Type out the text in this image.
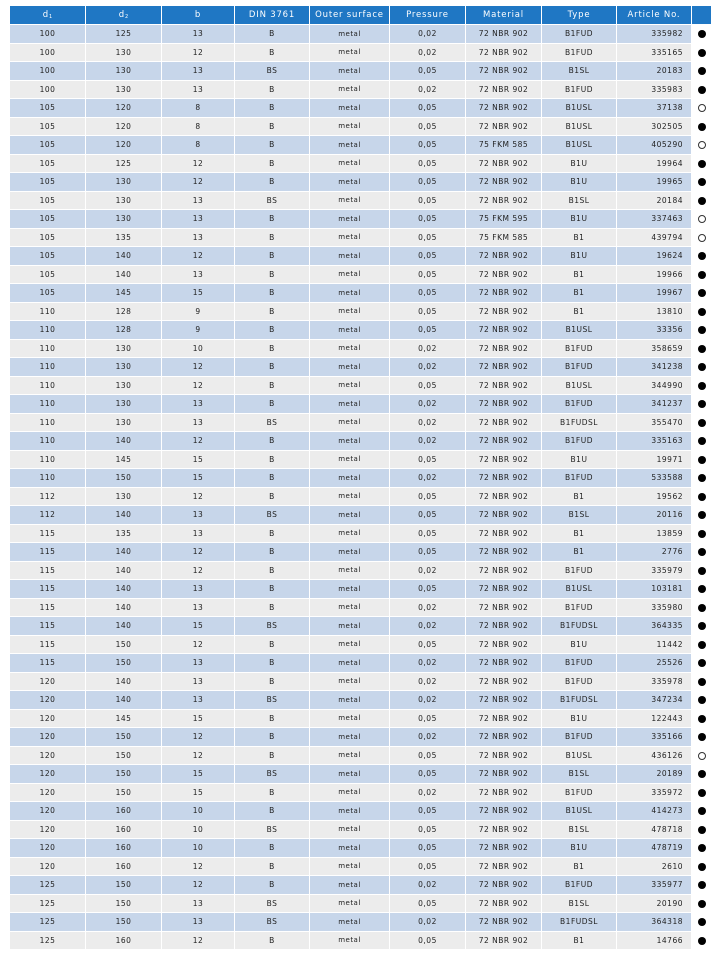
$d_1$	$d_2$	b	DIN 3761	Outer surface	Pressure	Material	Type	Article No.	
100	125	13	B	metal	0,02	72 NBR 902	B1FUD	335982	
100	130	12	B	metal	0,02	72 NBR 902	B1FUD	335165	
100	130	13	BS	metal	0,05	72 NBR 902	B1SL	20183	
100	130	13	B	metal	0,02	72 NBR 902	B1FUD	335983	
105	120	8	B	metal	0,05	72 NBR 902	B1USL	37138	
105	120	8	B	metal	0,05	72 NBR 902	B1USL	302505	
105	120	8	B	metal	0,05	75 FKM 585	B1USL	405290	
105	125	12	B	metal	0,05	72 NBR 902	B1U	19964	
105	130	12	B	metal	0,05	72 NBR 902	B1U	19965	
105	130	13	BS	metal	0,05	72 NBR 902	B1SL	20184	
105	130	13	B	metal	0,05	75 FKM 595	B1U	337463	
105	135	13	B	metal	0,05	75 FKM 585	B1	439794	
105	140	12	B	metal	0,05	72 NBR 902	B1U	19624	
105	140	13	B	metal	0,05	72 NBR 902	B1	19966	
105	145	15	B	metal	0,05	72 NBR 902	B1	19967	
110	128	9	B	metal	0,05	72 NBR 902	B1	13810	
110	128	9	B	metal	0,05	72 NBR 902	B1USL	33356	
110	130	10	B	metal	0,02	72 NBR 902	B1FUD	358659	
110	130	12	B	metal	0,02	72 NBR 902	B1FUD	341238	
110	130	12	B	metal	0,05	72 NBR 902	B1USL	344990	
110	130	13	B	metal	0,02	72 NBR 902	B1FUD	341237	
110	130	13	BS	metal	0,02	72 NBR 902	B1FUDSL	355470	
110	140	12	B	metal	0,02	72 NBR 902	B1FUD	335163	
110	145	15	B	metal	0,05	72 NBR 902	B1U	19971	
110	150	15	B	metal	0,02	72 NBR 902	B1FUD	533588	
112	130	12	B	metal	0,05	72 NBR 902	B1	19562	
112	140	13	BS	metal	0,05	72 NBR 902	B1SL	20116	
115	135	13	B	metal	0,05	72 NBR 902	B1	13859	
115	140	12	B	metal	0,05	72 NBR 902	B1	2776	
115	140	12	B	metal	0,02	72 NBR 902	B1FUD	335979	
115	140	13	B	metal	0,05	72 NBR 902	B1USL	103181	
115	140	13	B	metal	0,02	72 NBR 902	B1FUD	335980	
115	140	15	BS	metal	0,02	72 NBR 902	B1FUDSL	364335	
115	150	12	B	metal	0,05	72 NBR 902	B1U	11442	
115	150	13	B	metal	0,02	72 NBR 902	B1FUD	25526	
120	140	13	B	metal	0,02	72 NBR 902	B1FUD	335978	
120	140	13	BS	metal	0,02	72 NBR 902	B1FUDSL	347234	
120	145	15	B	metal	0,05	72 NBR 902	B1U	122443	
120	150	12	B	metal	0,02	72 NBR 902	B1FUD	335166	
120	150	12	B	metal	0,05	72 NBR 902	B1USL	436126	
120	150	15	BS	metal	0,05	72 NBR 902	B1SL	20189	
120	150	15	B	metal	0,02	72 NBR 902	B1FUD	335972	
120	160	10	B	metal	0,05	72 NBR 902	B1USL	414273	
120	160	10	BS	metal	0,05	72 NBR 902	B1SL	478718	
120	160	10	B	metal	0,05	72 NBR 902	B1U	478719	
120	160	12	B	metal	0,05	72 NBR 902	B1	2610	
125	150	12	B	metal	0,02	72 NBR 902	B1FUD	335977	
125	150	13	BS	metal	0,05	72 NBR 902	B1SL	20190	
125	150	13	BS	metal	0,02	72 NBR 902	B1FUDSL	364318	
125	160	12	B	metal	0,05	72 NBR 902	B1	14766	
